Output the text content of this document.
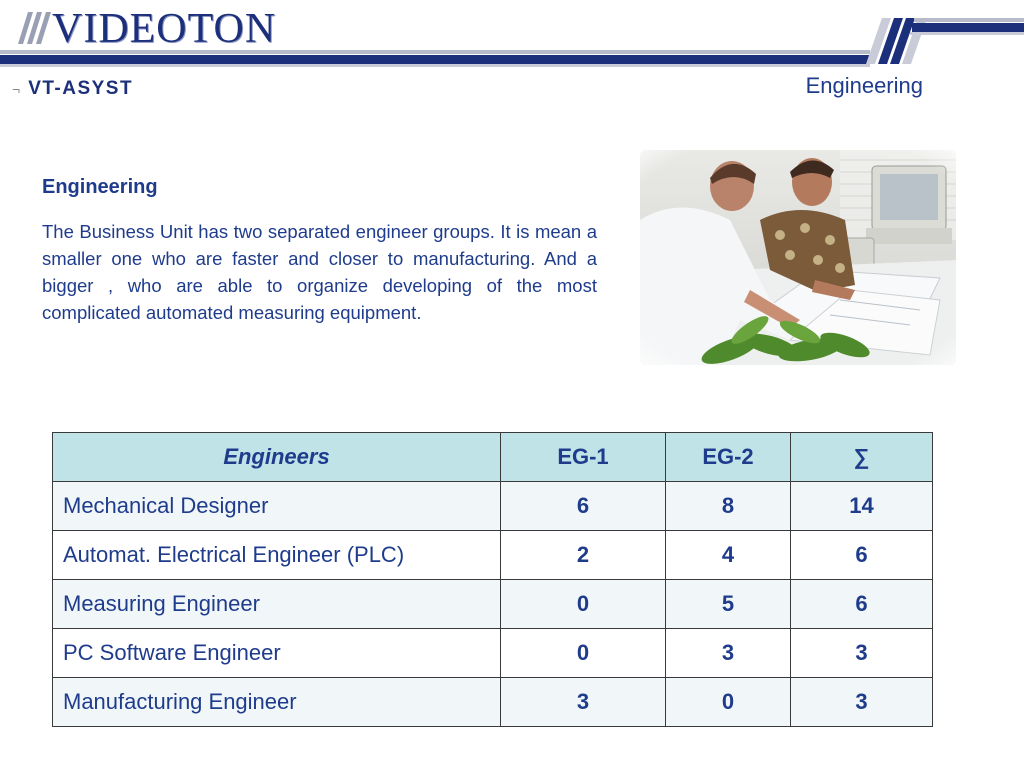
VIDEOTON
¬ VT-ASYST	Engineering
Engineering
The Business Unit has two separated engineer groups. It is mean a smaller one who are faster and closer to manufacturing. And a bigger , who are able to organize developing of the most complicated automated measuring equipment.
Engineers	EG-1	EG-2	∑
Mechanical Designer	6	8	14
Automat. Electrical Engineer (PLC)	2	4	6
Measuring Engineer	0	5	6
PC Software Engineer	0	3	3
Manufacturing Engineer	3	0	3
